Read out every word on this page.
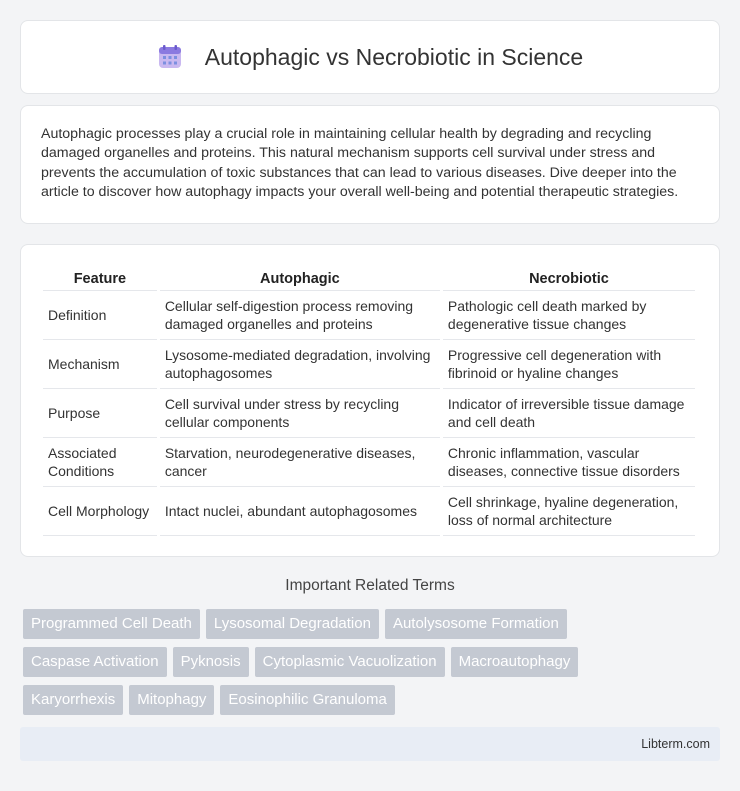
Autophagic vs Necrobiotic in Science

Autophagic processes play a crucial role in maintaining cellular health by degrading and recycling damaged organelles and proteins. This natural mechanism supports cell survival under stress and prevents the accumulation of toxic substances that can lead to various diseases. Dive deeper into the article to discover how autophagy impacts your overall well-being and potential therapeutic strategies.

Feature	Autophagic	Necrobiotic
Definition	Cellular self-digestion process removing damaged organelles and proteins	Pathologic cell death marked by degenerative tissue changes
Mechanism	Lysosome-mediated degradation, involving autophagosomes	Progressive cell degeneration with fibrinoid or hyaline changes
Purpose	Cell survival under stress by recycling cellular components	Indicator of irreversible tissue damage and cell death
Associated Conditions	Starvation, neurodegenerative diseases, cancer	Chronic inflammation, vascular diseases, connective tissue disorders
Cell Morphology	Intact nuclei, abundant autophagosomes	Cell shrinkage, hyaline degeneration, loss of normal architecture
Important Related Terms
Programmed Cell Death	Lysosomal Degradation	Autolysosome Formation
Caspase Activation	Pyknosis	Cytoplasmic Vacuolization	Macroautophagy
Karyorrhexis	Mitophagy	Eosinophilic Granuloma
Libterm.com
